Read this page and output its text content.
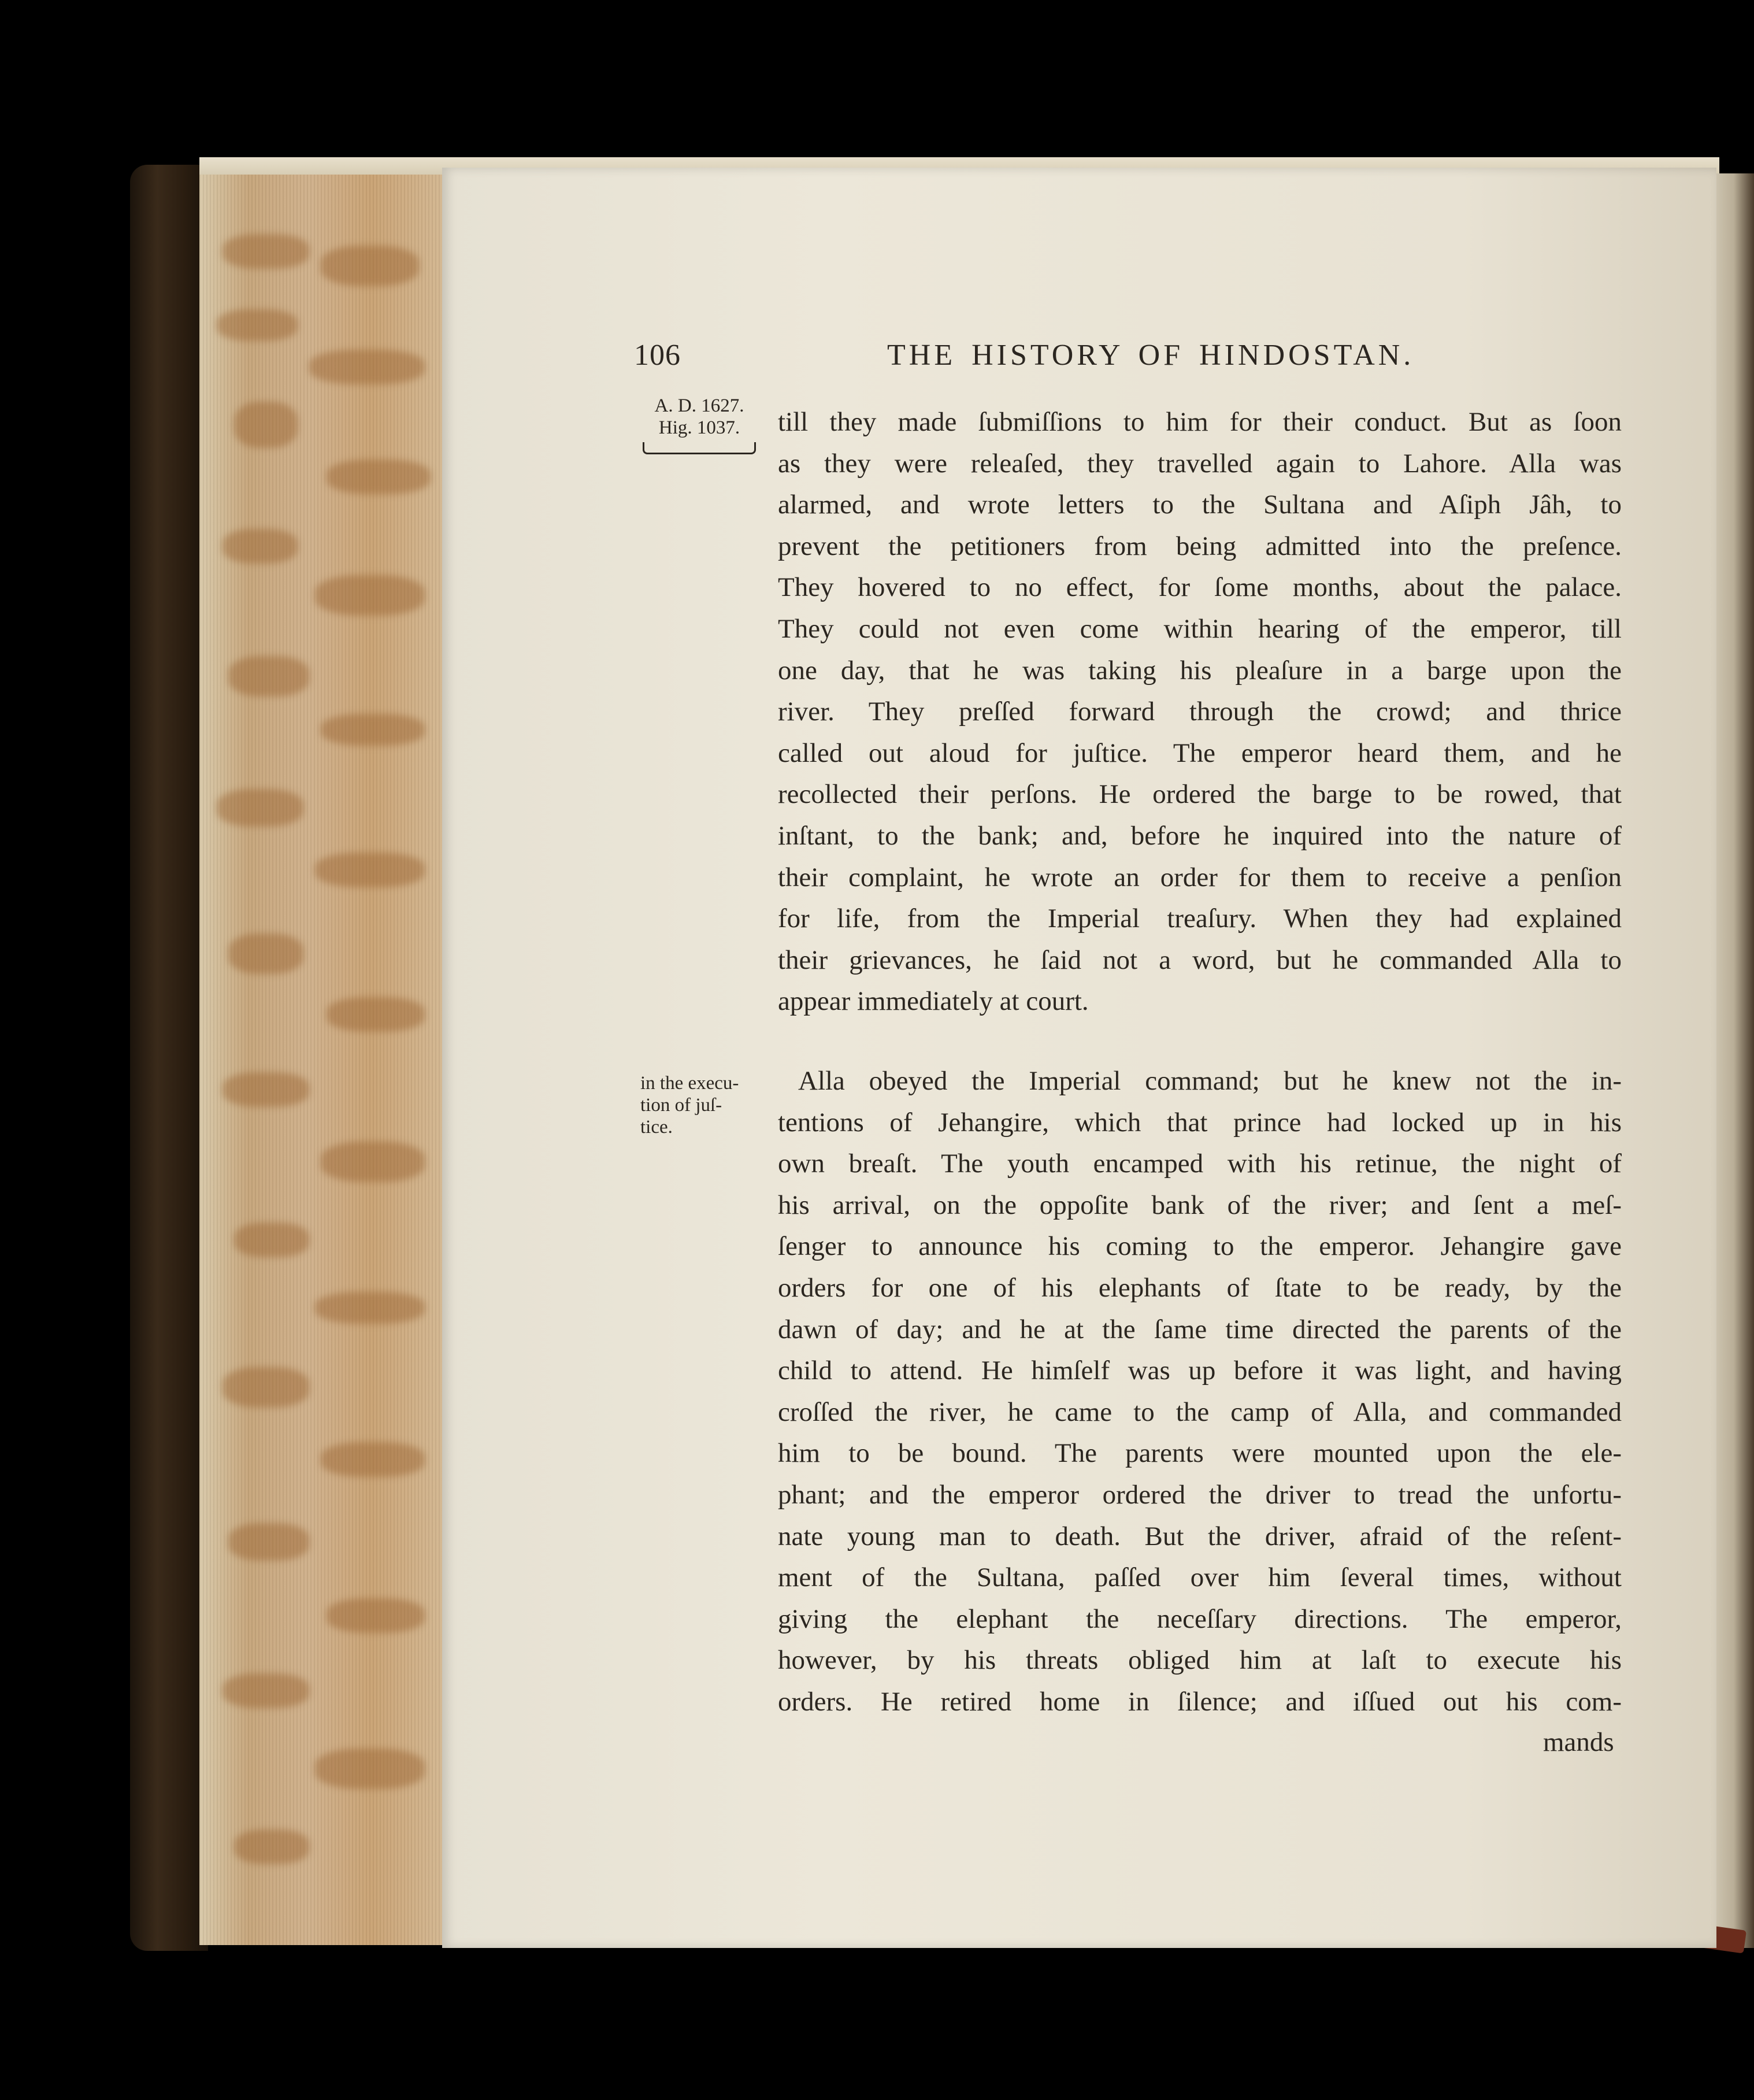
106	THE HISTORY OF HINDOSTAN.
A. D. 1627.
Hig. 1037.
in the execu-
tion of juſ-
tice.
till they made ſubmiſſions to him for their conduct. But as ſoon
as they were releaſed, they travelled again to Lahore. Alla was
alarmed, and wrote letters to the Sultana and Aſiph Jâh, to
prevent the petitioners from being admitted into the preſence.
They hovered to no effect, for ſome months, about the palace.
They could not even come within hearing of the emperor, till
one day, that he was taking his pleaſure in a barge upon the
river. They preſſed forward through the crowd; and thrice
called out aloud for juſtice. The emperor heard them, and he
recollected their perſons. He ordered the barge to be rowed, that
inſtant, to the bank; and, before he inquired into the nature of
their complaint, he wrote an order for them to receive a penſion
for life, from the Imperial treaſury. When they had explained
their grievances, he ſaid not a word, but he commanded Alla to
appear immediately at court.
Alla obeyed the Imperial command; but he knew not the in-
tentions of Jehangire, which that prince had locked up in his
own breaſt. The youth encamped with his retinue, the night of
his arrival, on the oppoſite bank of the river; and ſent a meſ-
ſenger to announce his coming to the emperor. Jehangire gave
orders for one of his elephants of ſtate to be ready, by the
dawn of day; and he at the ſame time directed the parents of the
child to attend. He himſelf was up before it was light, and having
croſſed the river, he came to the camp of Alla, and commanded
him to be bound. The parents were mounted upon the ele-
phant; and the emperor ordered the driver to tread the unfortu-
nate young man to death. But the driver, afraid of the reſent-
ment of the Sultana, paſſed over him ſeveral times, without
giving the elephant the neceſſary directions. The emperor,
however, by his threats obliged him at laſt to execute his
orders. He retired home in ſilence; and iſſued out his com-
mands
